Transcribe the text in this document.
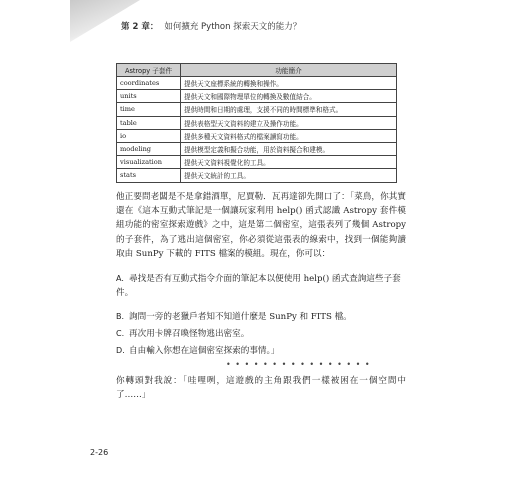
第 2 章： 如何擴充 Python 探索天文的能力？
Astropy 子套件	功能簡介
coordinates	提供天文座標系統的轉換和操作。
units	提供天文和國際物理單位的轉換及數值結合。
time	提供時間和日期的處理，支援不同的時間標準和格式。
table	提供表格型天文資料的建立及操作功能。
io	提供多種天文資料格式的檔案讀寫功能。
modeling	提供模型定義和擬合功能，用於資料擬合和建模。
visualization	提供天文資料視覺化的工具。
stats	提供天文統計的工具。
他正要問老闆是不是拿錯酒單，尼賈勒．瓦再達卻先開口了：「菜鳥，你其實還在《這本互動式筆記是一個讓玩家利用 help() 函式認識 Astropy 套件模組功能的密室探索遊戲》之中，這是第二個密室，這張表列了幾個 Astropy 的子套件，為了逃出這個密室，你必須從這張表的線索中，找到一個能夠讀取由 SunPy 下載的 FITS 檔案的模組。現在，你可以：
A. 尋找是否有互動式指令介面的筆記本以便使用 help() 函式查詢這些子套件。
B. 詢問一旁的老獵戶者知不知道什麼是 SunPy 和 FITS 檔。
C. 再次用卡牌召喚怪物逃出密室。
D. 自由輸入你想在這個密室探索的事情。」
• • • • • • • • • • • • • • • •
你轉頭對我說：「哇哩咧，這遊戲的主角跟我們一樣被困在一個空間中了……」
2-26
